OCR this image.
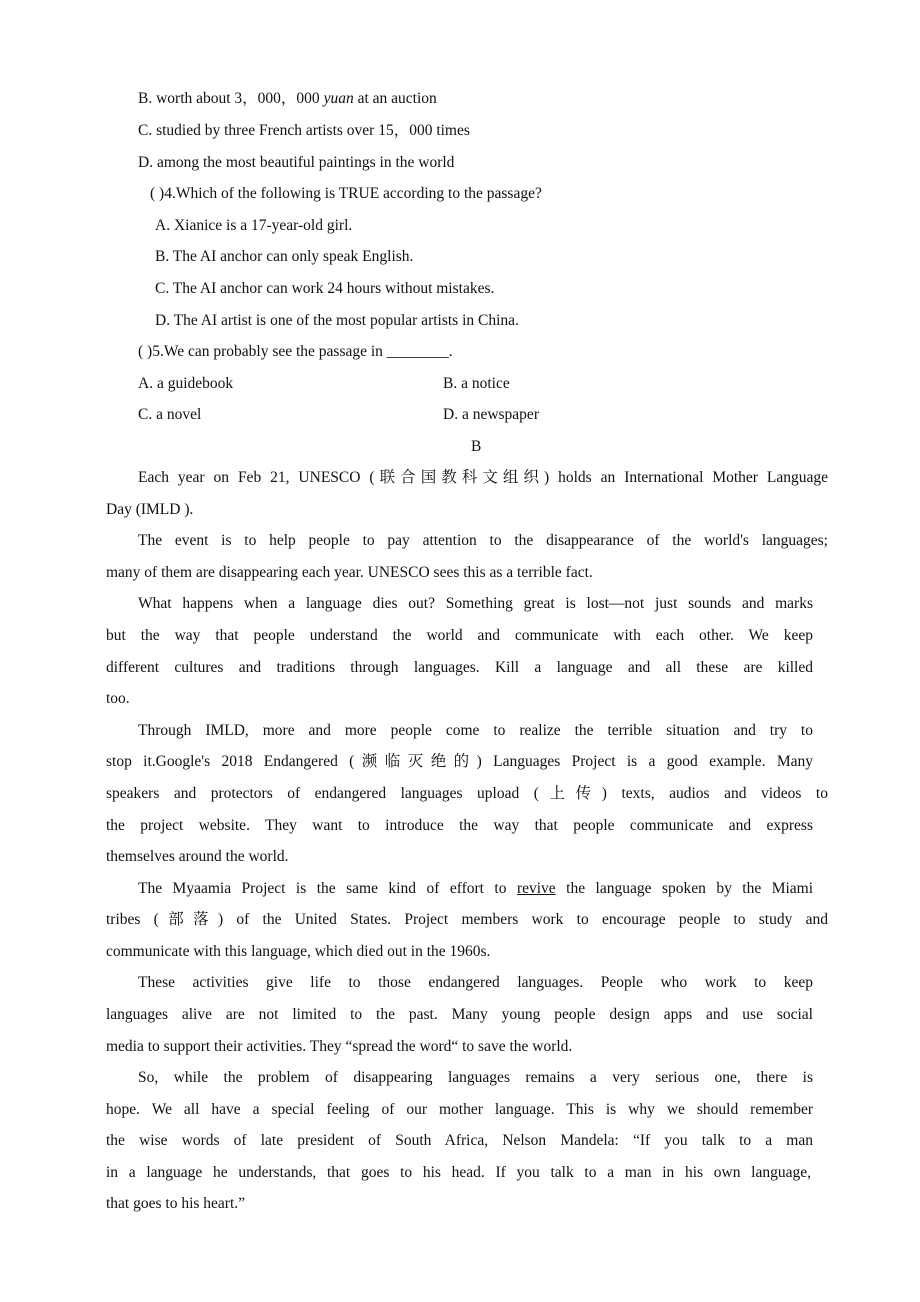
B. worth about 3，000，000 yuan at an auction
C. studied by three French artists over 15，000 times
D. among the most beautiful paintings in the world
( )4.Which of the following is TRUE according to the passage?
A. Xianice is a 17-year-old girl.
B. The AI anchor can only speak English.
C. The AI anchor can work 24 hours without mistakes.
D. The AI artist is one of the most popular artists in China.
( )5.We can probably see the passage in ________.
A. a guidebook	B. a notice
C. a novel	D. a newspaper
B
Each year on Feb 21, UNESCO (联合国教科文组织) holds an International Mother Language
Day (IMLD ).
The event is to help people to pay attention to the disappearance of the world's languages;
many of them are disappearing each year. UNESCO sees this as a terrible fact.
What happens when a language dies out? Something great is lost—not just sounds and marks
but the way that people understand the world and communicate with each other. We keep
different cultures and traditions through languages. Kill a language and all these are killed
too.
Through IMLD, more and more people come to realize the terrible situation and try to
stop it.Google's 2018 Endangered (濒临灭绝的) Languages Project is a good example. Many
speakers and protectors of endangered languages upload (上传) texts, audios and videos to
the project website. They want to introduce the way that people communicate and express
themselves around the world.
The Myaamia Project is the same kind of effort to revive the language spoken by the Miami
tribes (部落) of the United States. Project members work to encourage people to study and
communicate with this language, which died out in the 1960s.
These activities give life to those endangered languages. People who work to keep
languages alive are not limited to the past. Many young people design apps and use social
media to support their activities. They “spread the word“ to save the world.
So, while the problem of disappearing languages remains a very serious one, there is
hope. We all have a special feeling of our mother language. This is why we should remember
the wise words of late president of South Africa, Nelson Mandela: “If you talk to a man
in a language he understands, that goes to his head. If you talk to a man in his own language,
that goes to his heart.”
